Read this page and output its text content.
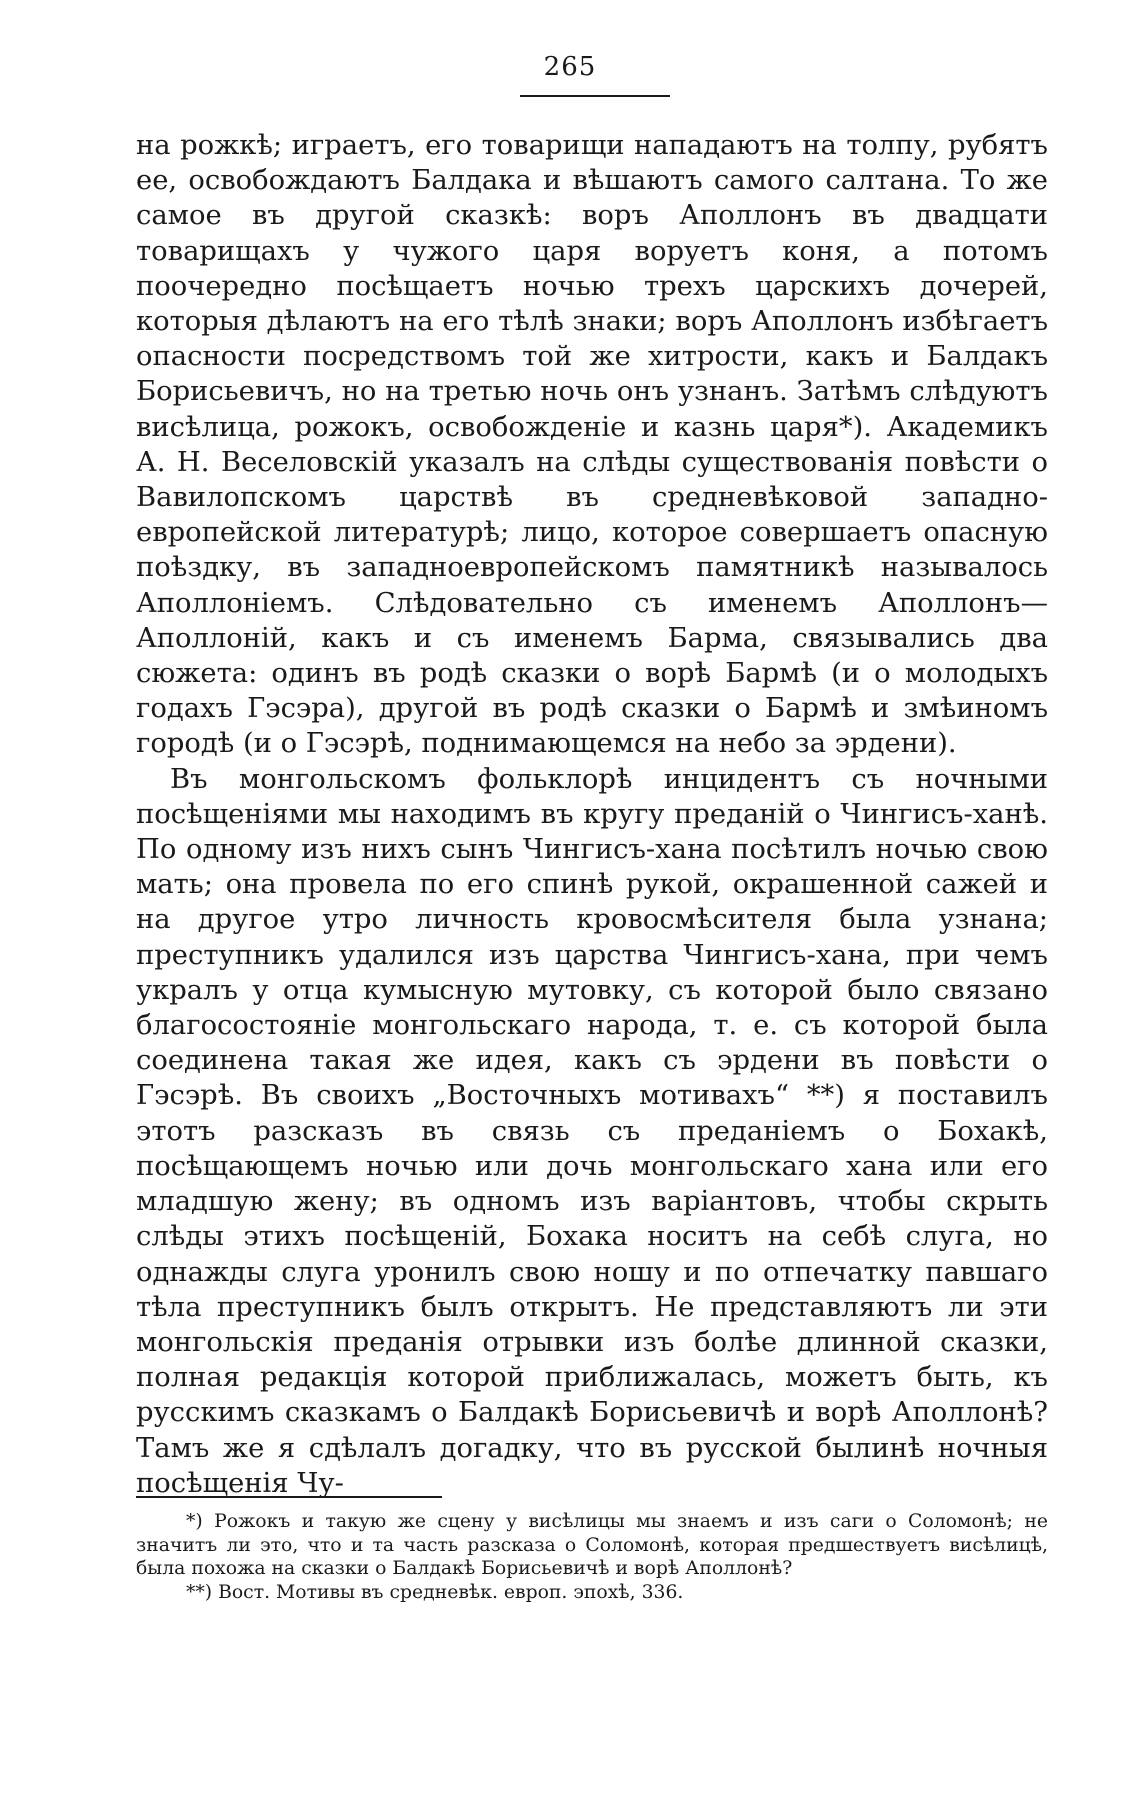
265

на рожкѣ; играетъ, его товарищи нападаютъ на толпу, рубятъ ее, освобождаютъ Балдака и вѣшаютъ самого салтана. То же самое въ другой сказкѣ: воръ Аполлонъ въ двадцати товарищахъ у чужого царя воруетъ коня, а потомъ поочередно посѣщаетъ ночью трехъ царскихъ дочерей, которыя дѣлаютъ на его тѣлѣ знаки; воръ Аполлонъ избѣгаетъ опасности посредствомъ той же хитрости, какъ и Балдакъ Борисьевичъ, но на третью ночь онъ узнанъ. Затѣмъ слѣдуютъ висѣлица, рожокъ, освобожденіе и казнь царя*). Академикъ А. Н. Веселовскій указалъ на слѣды существованія повѣсти о Вавилопскомъ царствѣ въ средневѣковой западно-европейской литературѣ; лицо, которое совершаетъ опасную поѣздку, въ западноевропейскомъ памятникѣ называлось Аполлоніемъ. Слѣдовательно съ именемъ Аполлонъ—Аполлоній, какъ и съ именемъ Барма, связывались два сюжета: одинъ въ родѣ сказки о ворѣ Бармѣ (и о молодыхъ годахъ Гэсэра), другой въ родѣ сказки о Бармѣ и змѣиномъ городѣ (и о Гэсэрѣ, поднимающемся на небо за эрдени).

Въ монгольскомъ фольклорѣ инцидентъ съ ночными посѣщеніями мы находимъ въ кругу преданій о Чингисъ-ханѣ. По одному изъ нихъ сынъ Чингисъ-хана посѣтилъ ночью свою мать; она провела по его спинѣ рукой, окрашенной сажей и на другое утро личность кровосмѣсителя была узнана; преступникъ удалился изъ царства Чингисъ-хана, при чемъ укралъ у отца кумысную мутовку, съ которой было связано благосостояніе монгольскаго народа, т. е. съ которой была соединена такая же идея, какъ съ эрдени въ повѣсти о Гэсэрѣ. Въ своихъ „Восточныхъ мотивахъ“ **) я поставилъ этотъ разсказъ въ связь съ преданіемъ о Бохакѣ, посѣщающемъ ночью или дочь монгольскаго хана или его младшую жену; въ одномъ изъ варіантовъ, чтобы скрыть слѣды этихъ посѣщеній, Бохака носитъ на себѣ слуга, но однажды слуга уронилъ свою ношу и по отпечатку павшаго тѣла преступникъ былъ открытъ. Не представляютъ ли эти монгольскія преданія отрывки изъ болѣе длинной сказки, полная редакція которой приближалась, можетъ быть, къ русскимъ сказкамъ о Балдакѣ Борисьевичѣ и ворѣ Аполлонѣ? Тамъ же я сдѣлалъ догадку, что въ русской былинѣ ночныя посѣщенія Чу-

*) Рожокъ и такую же сцену у висѣлицы мы знаемъ и изъ саги о Соломонѣ; не значитъ ли это, что и та часть разсказа о Соломонѣ, которая предшествуетъ висѣлицѣ, была похожа на сказки о Балдакѣ Борисьевичѣ и ворѣ Аполлонѣ?

**) Вост. Мотивы въ средневѣк. европ. эпохѣ, 336.
